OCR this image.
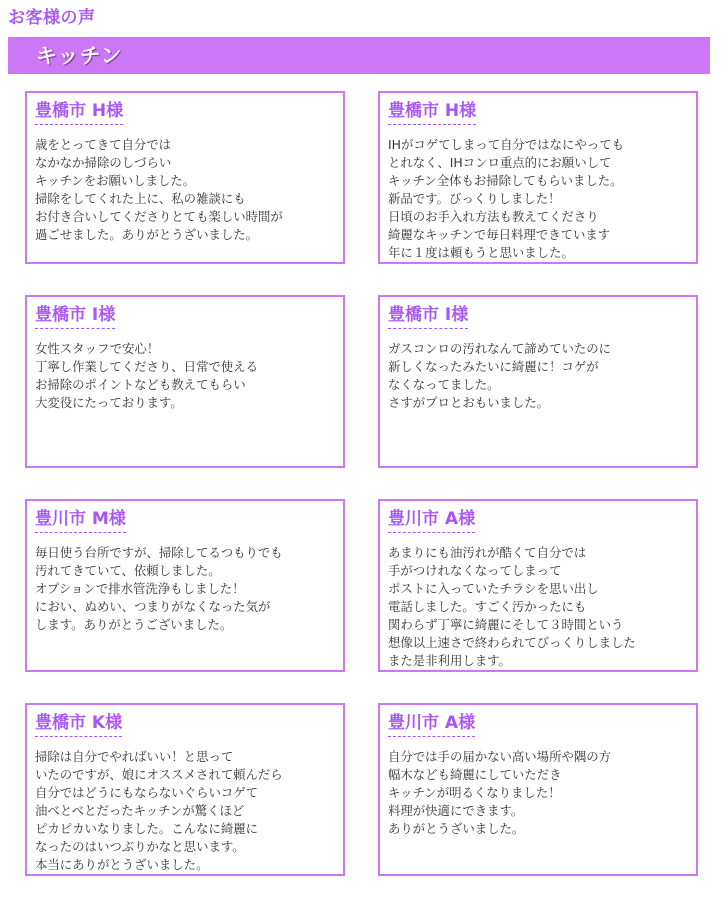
お客様の声
キッチン
豊橋市 H様

歳をとってきて自分では
なかなか掃除のしづらい
キッチンをお願いしました。
掃除をしてくれた上に、私の雑談にも
お付き合いしてくださりとても楽しい時間が
過ごせました。ありがとうざいました。

豊橋市 H様

IHがコゲてしまって自分ではなにやっても
とれなく、IHコンロ重点的にお願いして
キッチン全体もお掃除してもらいました。
新品です。びっくりしました！
日頃のお手入れ方法も教えてくださり
綺麗なキッチンで毎日料理できています
年に１度は頼もうと思いました。

豊橋市 I様

女性スタッフで安心！
丁寧し作業してくださり、日常で使える
お掃除のポイントなども教えてもらい
大変役にたっております。

豊橋市 I様

ガスコンロの汚れなんて諦めていたのに
新しくなったみたいに綺麗に！コゲが
なくなってました。
さすがプロとおもいました。

豊川市 M様

毎日使う台所ですが、掃除してるつもりでも
汚れてきていて、依頼しました。
オプションで排水管洗浄もしました！
におい、ぬめい、つまりがなくなった気が
します。ありがとうございました。

豊川市 A様

あまりにも油汚れが酷くて自分では
手がつけれなくなってしまって
ポストに入っていたチラシを思い出し
電話しました。すごく汚かったにも
関わらず丁寧に綺麗にそして３時間という
想像以上速さで終わられてびっくりしました
また是非利用します。

豊橋市 K様

掃除は自分でやればいい！と思って
いたのですが、娘にオススメされて頼んだら
自分ではどうにもならないぐらいコゲて
油べとべとだったキッチンが驚くほど
ピカピカいなりました。こんなに綺麗に
なったのはいつぶりかなと思います。
本当にありがとうざいました。

豊川市 A様

自分では手の届かない高い場所や隅の方
幅木なども綺麗にしていただき
キッチンが明るくなりました！
料理が快適にできます。
ありがとうざいました。
